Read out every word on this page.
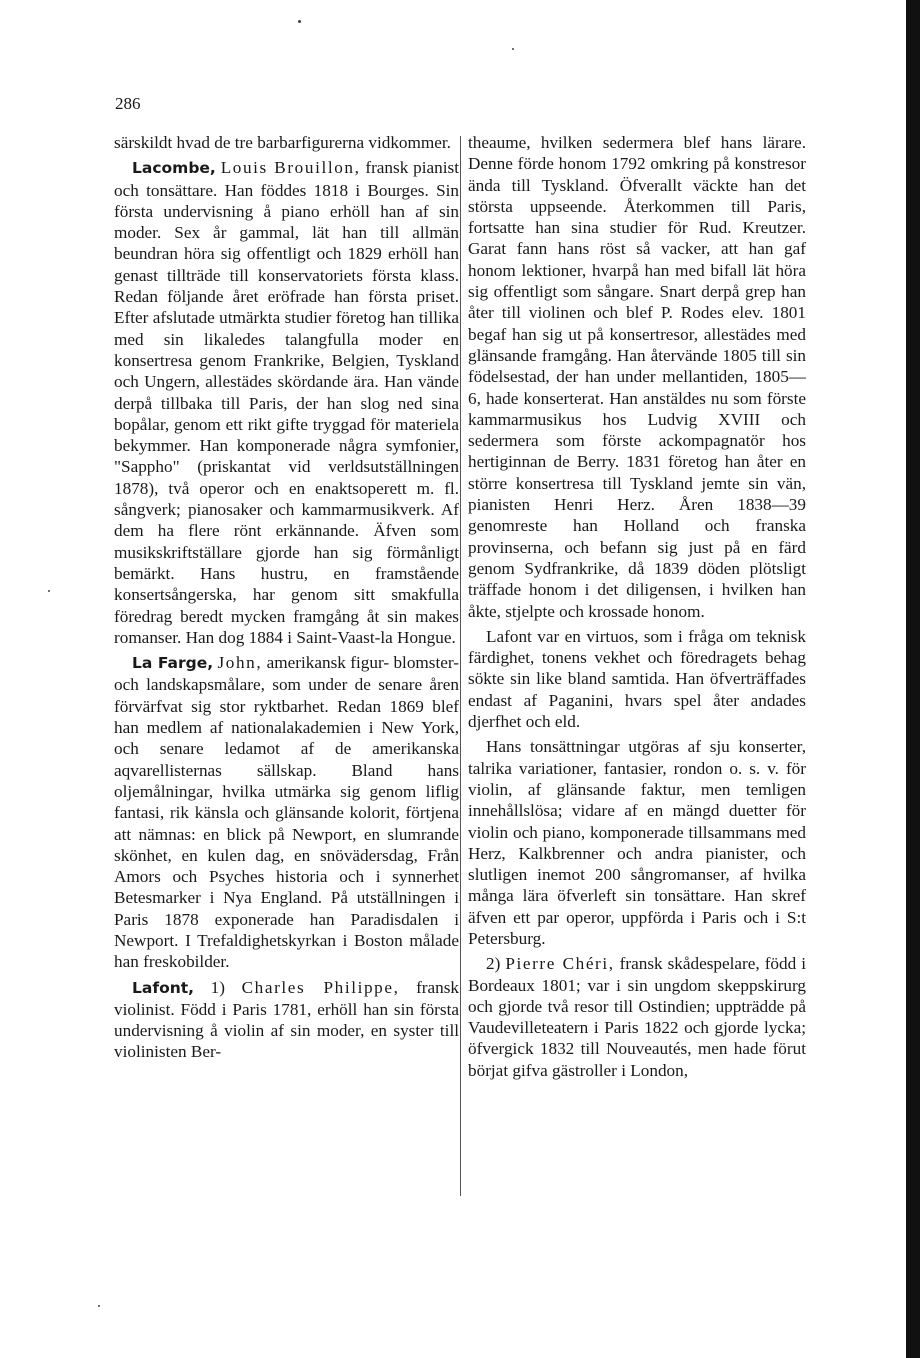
286

särskildt hvad de tre barbarfigurerna vidkommer.

Lacombe, Louis Brouillon, fransk pianist och tonsättare. Han föddes 1818 i Bourges. Sin första undervisning å piano erhöll han af sin moder. Sex år gammal, lät han till allmän beundran höra sig offentligt och 1829 erhöll han genast tillträde till konservatoriets första klass. Redan följande året eröfrade han första priset. Efter afslutade utmärkta studier företog han tillika med sin likaledes talangfulla moder en konsertresa genom Frankrike, Belgien, Tyskland och Ungern, allestädes skördande ära. Han vände derpå tillbaka till Paris, der han slog ned sina bopålar, genom ett rikt gifte tryggad för materiela bekymmer. Han komponerade några symfonier, "Sappho" (priskantat vid verldsutställningen 1878), två operor och en enaktsoperett m. fl. sångverk; pianosaker och kammarmusikverk. Af dem ha flere rönt erkännande. Äfven som musikskriftställare gjorde han sig förmånligt bemärkt. Hans hustru, en framstående konsertsångerska, har genom sitt smakfulla föredrag beredt mycken framgång åt sin makes romanser. Han dog 1884 i Saint-Vaast-la Hongue.

La Farge, John, amerikansk figur- blomster- och landskapsmålare, som under de senare åren förvärfvat sig stor ryktbarhet. Redan 1869 blef han medlem af nationalakademien i New York, och senare ledamot af de amerikanska aqvarellisternas sällskap. Bland hans oljemålningar, hvilka utmärka sig genom liflig fantasi, rik känsla och glänsande kolorit, förtjena att nämnas: en blick på Newport, en slumrande skönhet, en kulen dag, en snövädersdag, Från Amors och Psyches historia och i synnerhet Betesmarker i Nya England. På utställningen i Paris 1878 exponerade han Paradisdalen i Newport. I Trefaldighetskyrkan i Boston målade han freskobilder.

Lafont, 1) Charles Philippe, fransk violinist. Född i Paris 1781, erhöll han sin första undervisning å violin af sin moder, en syster till violinisten Ber-

theaume, hvilken sedermera blef hans lärare. Denne förde honom 1792 omkring på konstresor ända till Tyskland. Öfverallt väckte han det största uppseende. Återkommen till Paris, fortsatte han sina studier för Rud. Kreutzer. Garat fann hans röst så vacker, att han gaf honom lektioner, hvarpå han med bifall lät höra sig offentligt som sångare. Snart derpå grep han åter till violinen och blef P. Rodes elev. 1801 begaf han sig ut på konsertresor, allestädes med glänsande framgång. Han återvände 1805 till sin födelsestad, der han under mellantiden, 1805—6, hade konserterat. Han anstäldes nu som förste kammarmusikus hos Ludvig XVIII och sedermera som förste ackompagnatör hos hertiginnan de Berry. 1831 företog han åter en större konsertresa till Tyskland jemte sin vän, pianisten Henri Herz. Åren 1838—39 genomreste han Holland och franska provinserna, och befann sig just på en färd genom Sydfrankrike, då 1839 döden plötsligt träffade honom i det diligensen, i hvilken han åkte, stjelpte och krossade honom.

Lafont var en virtuos, som i fråga om teknisk färdighet, tonens vekhet och föredragets behag sökte sin like bland samtida. Han öfverträffades endast af Paganini, hvars spel åter andades djerfhet och eld.

Hans tonsättningar utgöras af sju konserter, talrika variationer, fantasier, rondon o. s. v. för violin, af glänsande faktur, men temligen innehållslösa; vidare af en mängd duetter för violin och piano, komponerade tillsammans med Herz, Kalkbrenner och andra pianister, och slutligen inemot 200 sångromanser, af hvilka många lära öfverleft sin tonsättare. Han skref äfven ett par operor, uppförda i Paris och i S:t Petersburg.

2) Pierre Chéri, fransk skådespelare, född i Bordeaux 1801; var i sin ungdom skeppskirurg och gjorde två resor till Ostindien; uppträdde på Vaudevilleteatern i Paris 1822 och gjorde lycka; öfvergick 1832 till Nouveautés, men hade förut börjat gifva gästroller i London,
